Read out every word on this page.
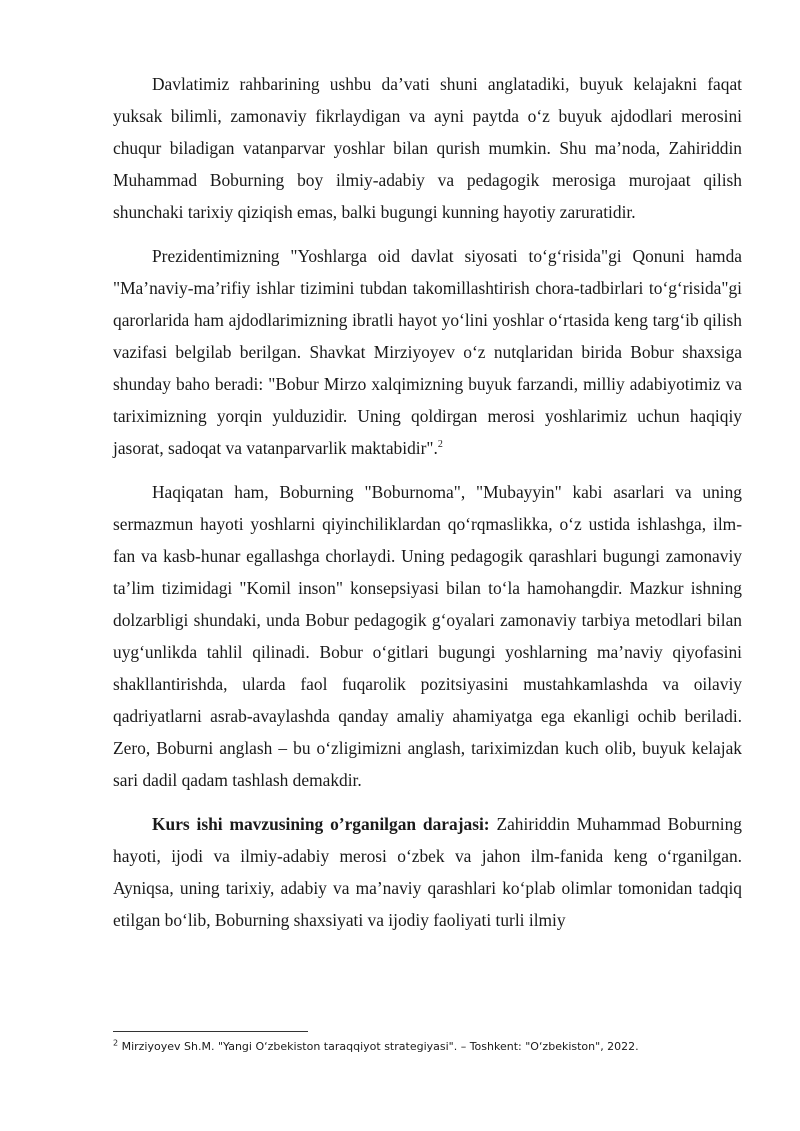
Davlatimiz rahbarining ushbu da’vati shuni anglatadiki, buyuk kelajakni faqat yuksak bilimli, zamonaviy fikrlaydigan va ayni paytda o‘z buyuk ajdodlari merosini chuqur biladigan vatanparvar yoshlar bilan qurish mumkin. Shu ma’noda, Zahiriddin Muhammad Boburning boy ilmiy-adabiy va pedagogik merosiga murojaat qilish shunchaki tarixiy qiziqish emas, balki bugungi kunning hayotiy zaruratidir.

Prezidentimizning "Yoshlarga oid davlat siyosati to‘g‘risida"gi Qonuni hamda "Ma’naviy-ma’rifiy ishlar tizimini tubdan takomillashtirish chora-tadbirlari to‘g‘risida"gi qarorlarida ham ajdodlarimizning ibratli hayot yo‘lini yoshlar o‘rtasida keng targ‘ib qilish vazifasi belgilab berilgan. Shavkat Mirziyoyev o‘z nutqlaridan birida Bobur shaxsiga shunday baho beradi: "Bobur Mirzo xalqimizning buyuk farzandi, milliy adabiyotimiz va tariximizning yorqin yulduzidir. Uning qoldirgan merosi yoshlarimiz uchun haqiqiy jasorat, sadoqat va vatanparvarlik maktabidir".$^2$

Haqiqatan ham, Boburning "Boburnoma", "Mubayyin" kabi asarlari va uning sermazmun hayoti yoshlarni qiyinchiliklardan qo‘rqmaslikka, o‘z ustida ishlashga, ilm-fan va kasb-hunar egallashga chorlaydi. Uning pedagogik qarashlari bugungi zamonaviy ta’lim tizimidagi "Komil inson" konsepsiyasi bilan to‘la hamohangdir. Mazkur ishning dolzarbligi shundaki, unda Bobur pedagogik g‘oyalari zamonaviy tarbiya metodlari bilan uyg‘unlikda tahlil qilinadi. Bobur o‘gitlari bugungi yoshlarning ma’naviy qiyofasini shakllantirishda, ularda faol fuqarolik pozitsiyasini mustahkamlashda va oilaviy qadriyatlarni asrab-avaylashda qanday amaliy ahamiyatga ega ekanligi ochib beriladi. Zero, Boburni anglash – bu o‘zligimizni anglash, tariximizdan kuch olib, buyuk kelajak sari dadil qadam tashlash demakdir.

Kurs ishi mavzusining o’rganilgan darajasi: Zahiriddin Muhammad Boburning hayoti, ijodi va ilmiy-adabiy merosi o‘zbek va jahon ilm-fanida keng o‘rganilgan. Ayniqsa, uning tarixiy, adabiy va ma’naviy qarashlari ko‘plab olimlar tomonidan tadqiq etilgan bo‘lib, Boburning shaxsiyati va ijodiy faoliyati turli ilmiy

$^2$ Mirziyoyev Sh.M. "Yangi O‘zbekiston taraqqiyot strategiyasi". – Toshkent: "O‘zbekiston", 2022.
